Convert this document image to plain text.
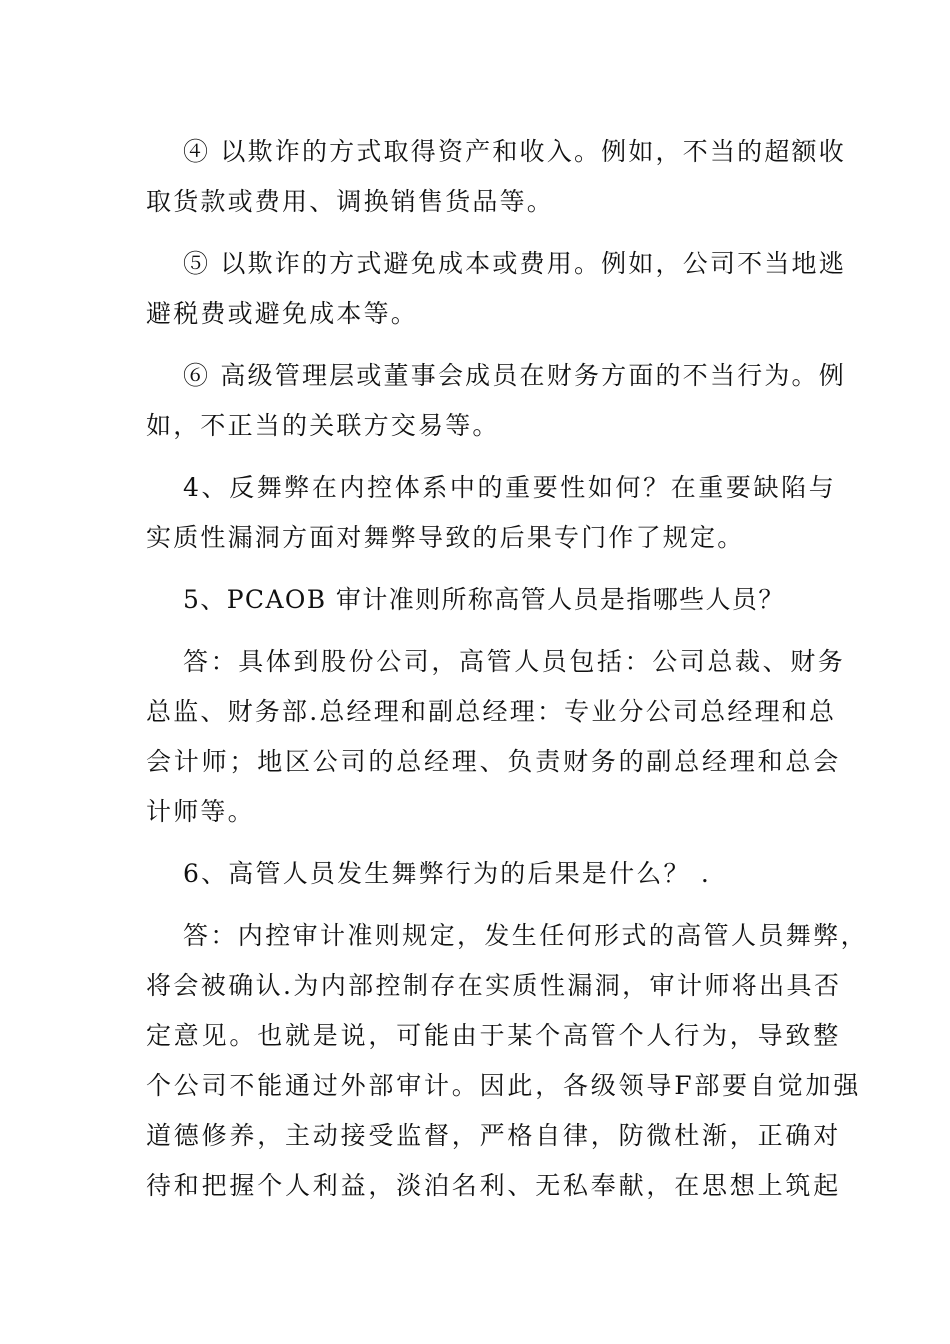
④ 以欺诈的方式取得资产和收入。例如，不当的超额收

取货款或费用、调换销售货品等。

⑤ 以欺诈的方式避免成本或费用。例如，公司不当地逃

避税费或避免成本等。

⑥ 高级管理层或董事会成员在财务方面的不当行为。例

如，不正当的关联方交易等。

4、反舞弊在内控体系中的重要性如何？在重要缺陷与

实质性漏洞方面对舞弊导致的后果专门作了规定。

5、PCAOB 审计准则所称高管人员是指哪些人员？

答：具体到股份公司，高管人员包括：公司总裁、财务

总监、财务部.总经理和副总经理：专业分公司总经理和总

会计师；地区公司的总经理、负责财务的副总经理和总会

计师等。

6、高管人员发生舞弊行为的后果是什么？ .

答：内控审计准则规定，发生任何形式的高管人员舞弊，

将会被确认.为内部控制存在实质性漏洞，审计师将出具否

定意见。也就是说，可能由于某个高管个人行为，导致整

个公司不能通过外部审计。因此，各级领导F部要自觉加强

道德修养，主动接受监督，严格自律，防微杜渐，正确对

待和把握个人利益，淡泊名利、无私奉献，在思想上筑起
